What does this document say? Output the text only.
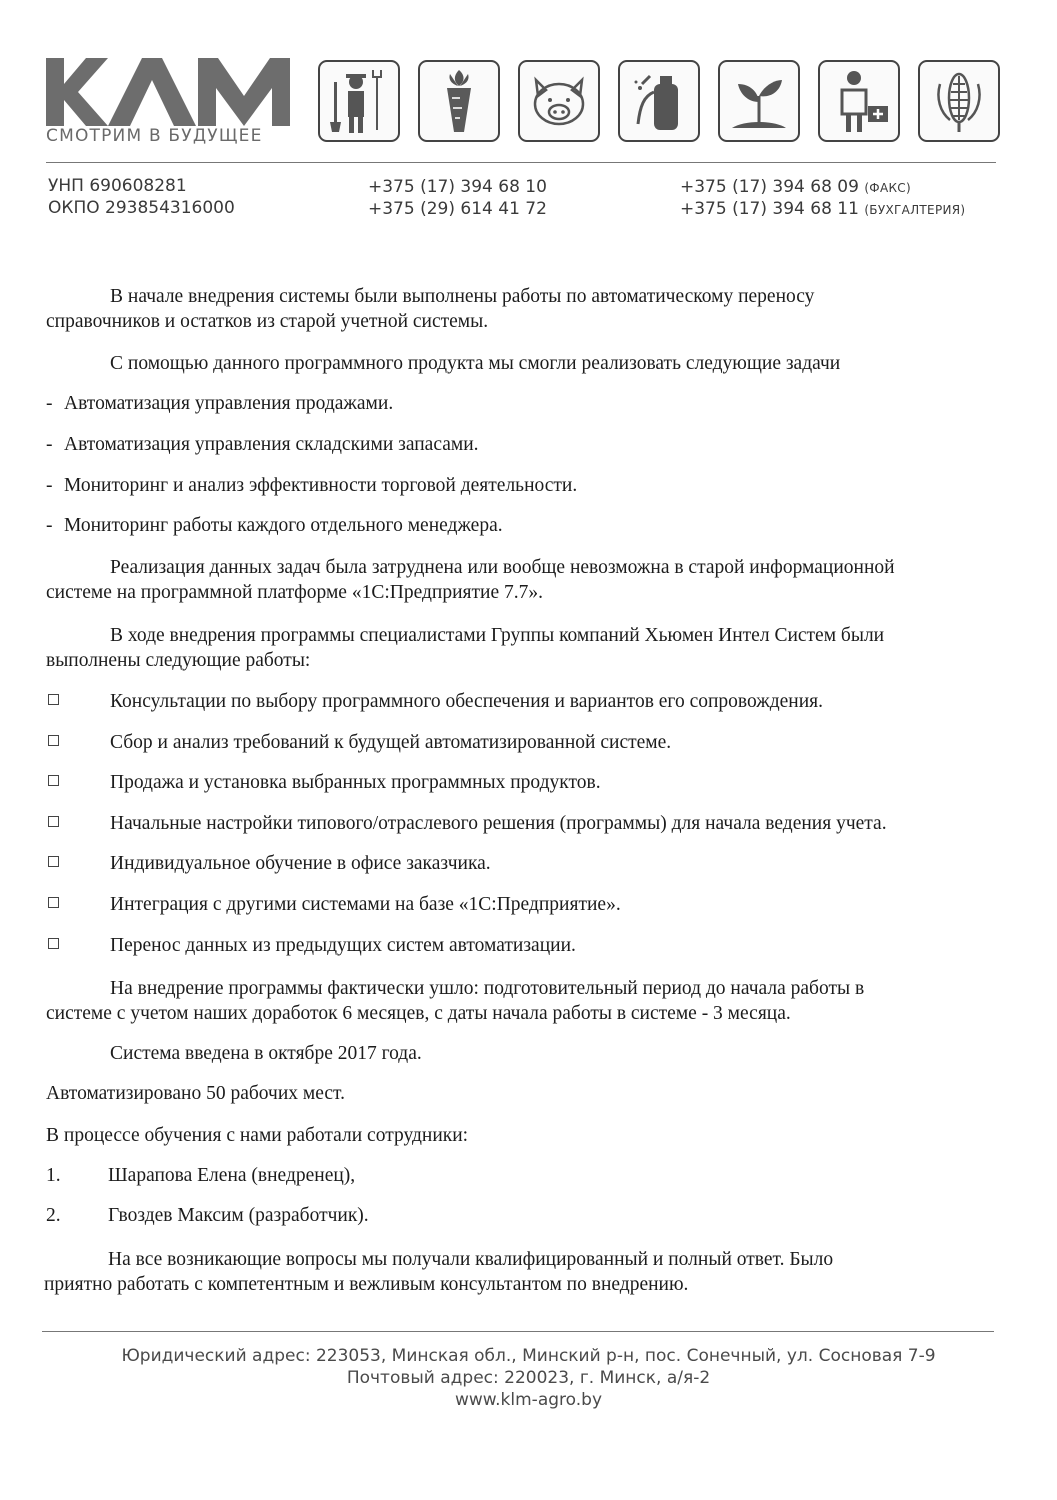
СМОТРИМ В БУДУЩЕЕ
УНП 690608281
ОКПО 293854316000
+375 (17) 394 68 10
+375 (29) 614 41 72
+375 (17) 394 68 09 (ФАКС)
+375 (17) 394 68 11 (БУХГАЛТЕРИЯ)
В начале внедрения системы были выполнены работы по автоматическому переносу
справочников и остатков из старой учетной системы.
С помощью данного программного продукта мы смогли реализовать следующие задачи
- Автоматизация управления продажами.
- Автоматизация управления складскими запасами.
- Мониторинг и анализ эффективности торговой деятельности.
- Мониторинг работы каждого отдельного менеджера.
Реализация данных задач была затруднена или вообще невозможна в старой информационной
системе на программной платформе «1С:Предприятие 7.7».
В ходе внедрения программы специалистами Группы компаний Хьюмен Интел Систем были
выполнены следующие работы:
Консультации по выбору программного обеспечения и вариантов его сопровождения.
Сбор и анализ требований к будущей автоматизированной системе.
Продажа и установка выбранных программных продуктов.
Начальные настройки типового/отраслевого решения (программы) для начала ведения учета.
Индивидуальное обучение в офисе заказчика.
Интеграция с другими системами на базе «1С:Предприятие».
Перенос данных из предыдущих систем автоматизации.
На внедрение программы фактически ушло: подготовительный период до начала работы в
системе с учетом наших доработок 6 месяцев, с даты начала работы в системе - 3 месяца.
Система введена в октябре 2017 года.
Автоматизировано 50 рабочих мест.
В процессе обучения с нами работали сотрудники:
1. Шарапова Елена (внедренец),
2. Гвоздев Максим (разработчик).
На все возникающие вопросы мы получали квалифицированный и полный ответ. Было
приятно работать с компетентным и вежливым консультантом по внедрению.
Юридический адрес: 223053, Минская обл., Минский р-н, пос. Сонечный, ул. Сосновая 7-9
Почтовый адрес: 220023, г. Минск, а/я-2
www.klm-agro.by
